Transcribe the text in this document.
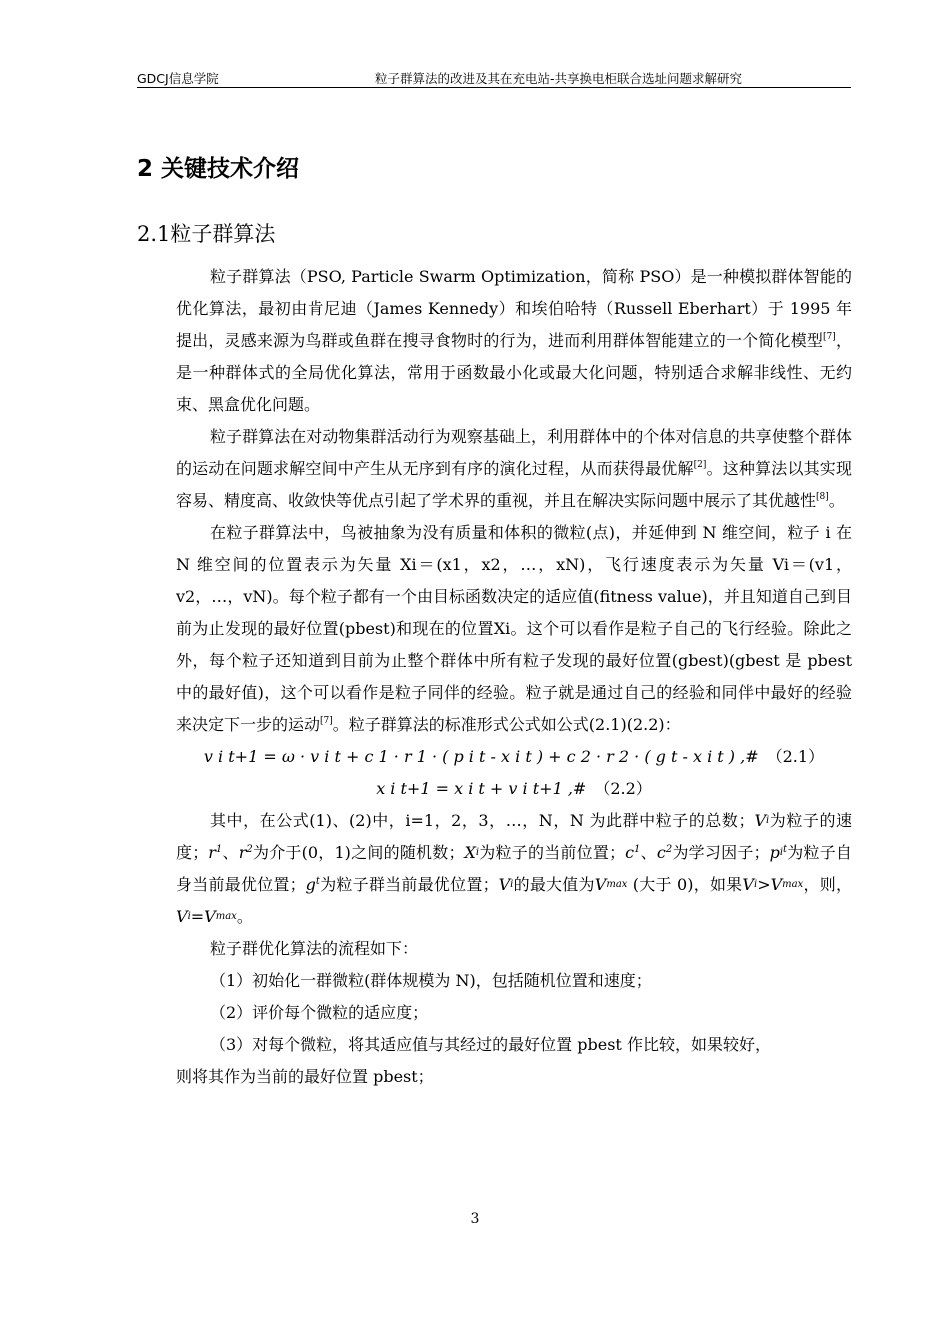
GDCJ信息学院	粒子群算法的改进及其在充电站-共享换电柜联合选址问题求解研究
2 关键技术介绍
2.1粒子群算法

粒子群算法（PSO, Particle Swarm Optimization，简称 PSO）是一种模拟群体智能的优化算法，最初由肯尼迪（James Kennedy）和埃伯哈特（Russell Eberhart）于 1995 年提出，灵感来源为鸟群或鱼群在搜寻食物时的行为，进而利用群体智能建立的一个简化模型[7]，是一种群体式的全局优化算法，常用于函数最小化或最大化问题，特别适合求解非线性、无约束、黑盒优化问题。

粒子群算法在对动物集群活动行为观察基础上，利用群体中的个体对信息的共享使整个群体的运动在问题求解空间中产生从无序到有序的演化过程，从而获得最优解[2]。这种算法以其实现容易、精度高、收敛快等优点引起了学术界的重视，并且在解决实际问题中展示了其优越性[8]。

在粒子群算法中，鸟被抽象为没有质量和体积的微粒(点)，并延伸到 N 维空间，粒子 i 在 N 维空间的位置表示为矢量 Xi＝(x1，x2，…，xN)，飞行速度表示为矢量 Vi＝(v1，v2，…，vN)。每个粒子都有一个由目标函数决定的适应值(fitness value)，并且知道自己到目前为止发现的最好位置(pbest)和现在的位置Xi。这个可以看作是粒子自己的飞行经验。除此之外，每个粒子还知道到目前为止整个群体中所有粒子发现的最好位置(gbest)(gbest 是 pbest 中的最好值)，这个可以看作是粒子同伴的经验。粒子就是通过自己的经验和同伴中最好的经验来决定下一步的运动[7]。粒子群算法的标准形式公式如公式(2.1)(2.2)：

v i t+1 = ω · v i t + c 1 · r 1 · ( p i t - x i t ) + c 2 · r 2 · ( g t - x i t ) ,# （2.1）

x i t+1 = x i t + v i t+1 ,# （2.2）

其中，在公式(1)、(2)中，i=1，2，3，…，N，N 为此群中粒子的总数；Vi为粒子的速度；$r^1$、$r^2$为介于(0，1)之间的随机数；Xi为粒子的当前位置；$c^1$、$c^2$为学习因子；$pi^t$为粒子自身当前最优位置；$g^t$为粒子群当前最优位置；Vi的最大值为Vmax (大于 0)，如果Vi>Vmax，则，Vi=Vmax。

粒子群优化算法的流程如下：

（1）初始化一群微粒(群体规模为 N)，包括随机位置和速度；

（2）评价每个微粒的适应度；

（3）对每个微粒，将其适应值与其经过的最好位置 pbest 作比较，如果较好，

则将其作为当前的最好位置 pbest；

3
